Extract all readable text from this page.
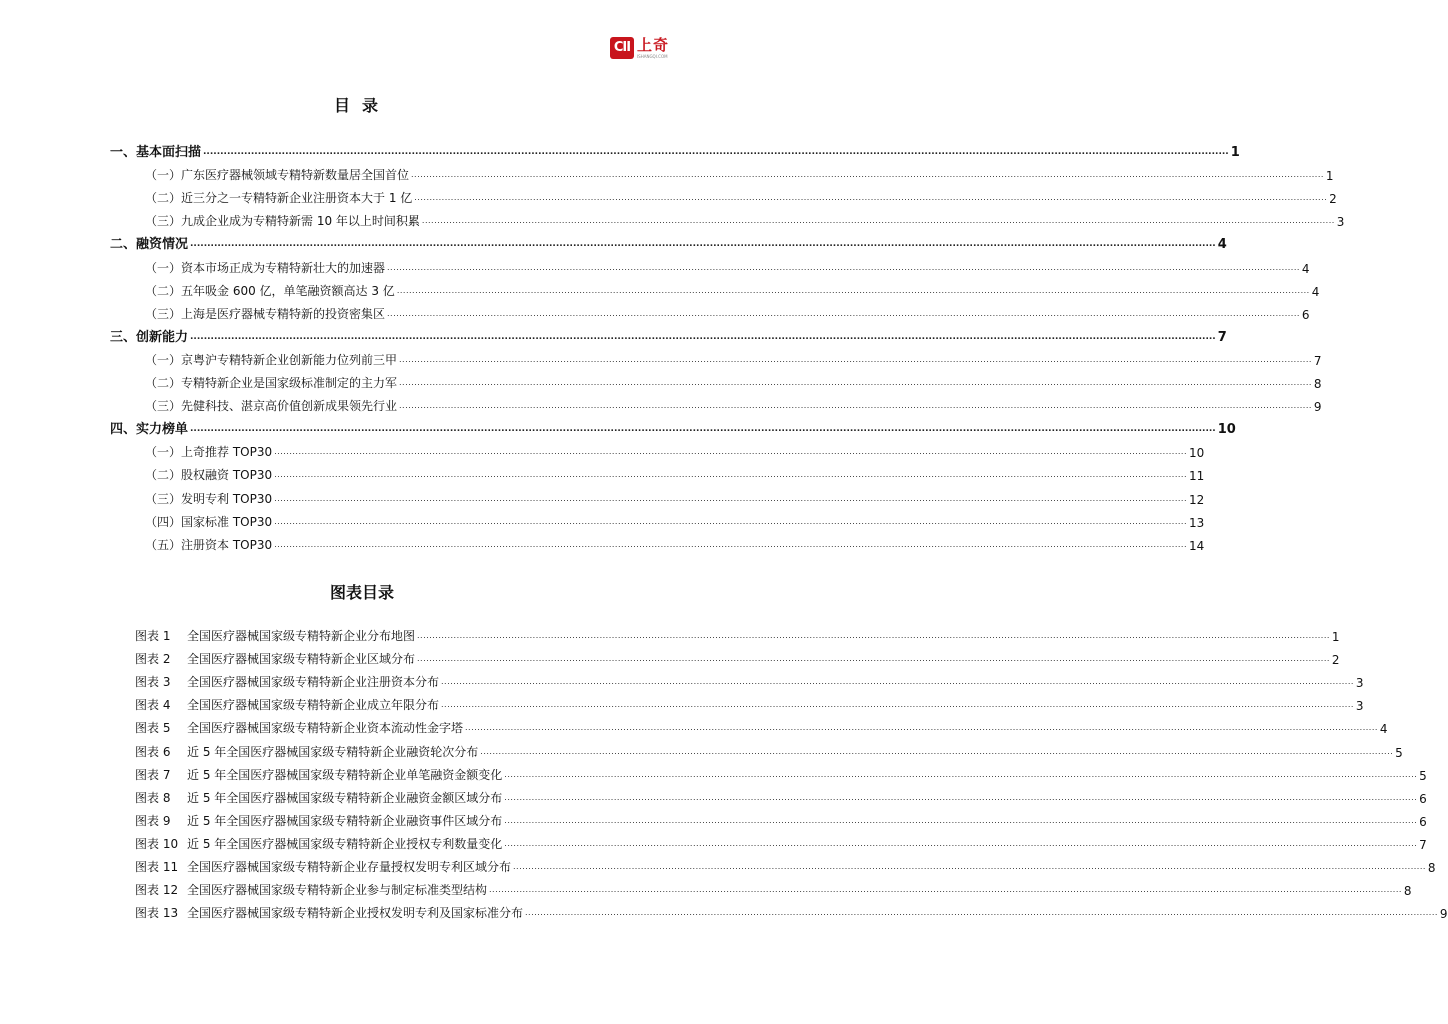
CII 上奇
ISHANGQI.COM
目录
一、基本面扫描 ............................................................................................................................................................................................................................................................................................................ 1
（一）广东医疗器械领域专精特新数量居全国首位 ............................................................................................................................................................................................................................................................................................................ 1
（二）近三分之一专精特新企业注册资本大于 1 亿 ............................................................................................................................................................................................................................................................................................................ 2
（三）九成企业成为专精特新需 10 年以上时间积累 ............................................................................................................................................................................................................................................................................................................ 3
二、融资情况 ............................................................................................................................................................................................................................................................................................................ 4
（一）资本市场正成为专精特新壮大的加速器 ............................................................................................................................................................................................................................................................................................................ 4
（二）五年吸金 600 亿，单笔融资额高达 3 亿 ............................................................................................................................................................................................................................................................................................................ 4
（三）上海是医疗器械专精特新的投资密集区 ............................................................................................................................................................................................................................................................................................................ 6
三、创新能力 ............................................................................................................................................................................................................................................................................................................ 7
（一）京粤沪专精特新企业创新能力位列前三甲 ............................................................................................................................................................................................................................................................................................................ 7
（二）专精特新企业是国家级标准制定的主力军 ............................................................................................................................................................................................................................................................................................................ 8
（三）先健科技、湛京高价值创新成果领先行业 ............................................................................................................................................................................................................................................................................................................ 9
四、实力榜单 ............................................................................................................................................................................................................................................................................................................ 10
（一）上奇推荐 TOP30 ............................................................................................................................................................................................................................................................................................................ 10
（二）股权融资 TOP30 ............................................................................................................................................................................................................................................................................................................ 11
（三）发明专利 TOP30 ............................................................................................................................................................................................................................................................................................................ 12
（四）国家标准 TOP30 ............................................................................................................................................................................................................................................................................................................ 13
（五）注册资本 TOP30 ............................................................................................................................................................................................................................................................................................................ 14
图表目录
图表 1 全国医疗器械国家级专精特新企业分布地图 ............................................................................................................................................................................................................................................................................................................ 1
图表 2 全国医疗器械国家级专精特新企业区域分布 ............................................................................................................................................................................................................................................................................................................ 2
图表 3 全国医疗器械国家级专精特新企业注册资本分布 ............................................................................................................................................................................................................................................................................................................ 3
图表 4 全国医疗器械国家级专精特新企业成立年限分布 ............................................................................................................................................................................................................................................................................................................ 3
图表 5 全国医疗器械国家级专精特新企业资本流动性金字塔 ............................................................................................................................................................................................................................................................................................................ 4
图表 6 近 5 年全国医疗器械国家级专精特新企业融资轮次分布 ............................................................................................................................................................................................................................................................................................................ 5
图表 7 近 5 年全国医疗器械国家级专精特新企业单笔融资金额变化 ............................................................................................................................................................................................................................................................................................................ 5
图表 8 近 5 年全国医疗器械国家级专精特新企业融资金额区域分布 ............................................................................................................................................................................................................................................................................................................ 6
图表 9 近 5 年全国医疗器械国家级专精特新企业融资事件区域分布 ............................................................................................................................................................................................................................................................................................................ 6
图表 10 近 5 年全国医疗器械国家级专精特新企业授权专利数量变化 ............................................................................................................................................................................................................................................................................................................ 7
图表 11 全国医疗器械国家级专精特新企业存量授权发明专利区域分布 ............................................................................................................................................................................................................................................................................................................ 8
图表 12 全国医疗器械国家级专精特新企业参与制定标准类型结构 ............................................................................................................................................................................................................................................................................................................ 8
图表 13 全国医疗器械国家级专精特新企业授权发明专利及国家标准分布 ............................................................................................................................................................................................................................................................................................................ 9
